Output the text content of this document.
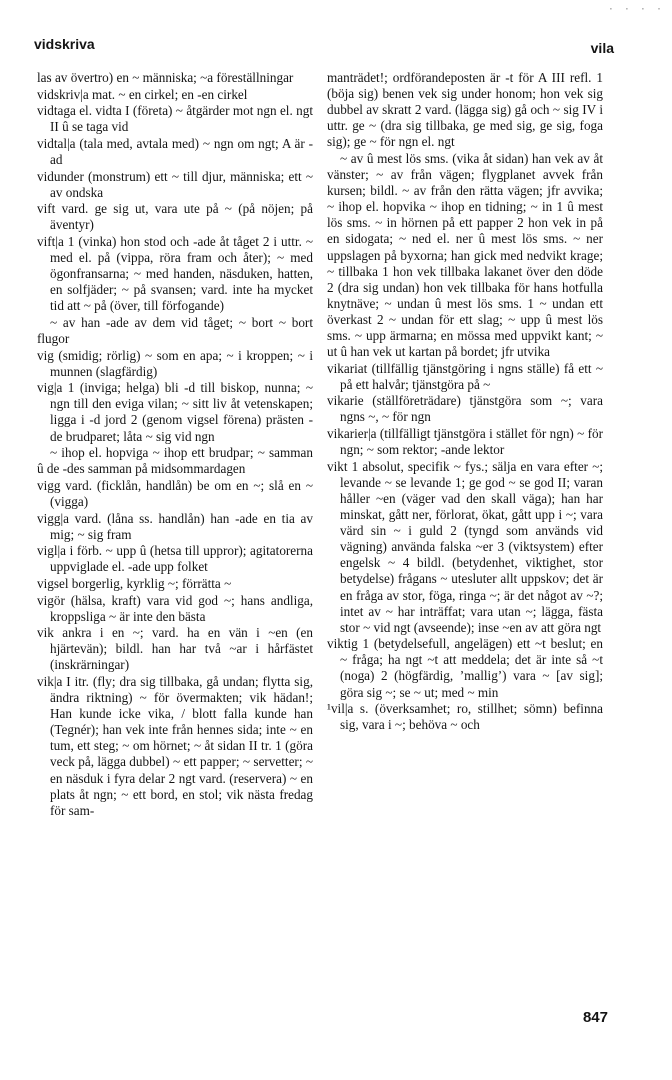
· · · ·
vidskriva	vila

las av övertro) en ~ människa; ~a föreställningar

vidskriv|a mat. ~ en cirkel; en -en cirkel

vidtaga el. vidta I (företa) ~ åtgärder mot ngn el. ngt II û se taga vid

vidtal|a (tala med, avtala med) ~ ngn om ngt; A är -ad

vidunder (monstrum) ett ~ till djur, människa; ett ~ av ondska

vift vard. ge sig ut, vara ute på ~ (på nöjen; på äventyr)

vift|a 1 (vinka) hon stod och -ade åt tåget 2 i uttr. ~ med el. på (vippa, röra fram och åter); ~ med ögonfransarna; ~ med handen, näsduken, hatten, en solfjäder; ~ på svansen; vard. inte ha mycket tid att ~ på (över, till förfogande)

~ av han -ade av dem vid tåget; ~ bort ~ bort flugor

vig (smidig; rörlig) ~ som en apa; ~ i kroppen; ~ i munnen (slagfärdig)

vig|a 1 (inviga; helga) bli -d till biskop, nunna; ~ ngn till den eviga vilan; ~ sitt liv åt vetenskapen; ligga i -d jord 2 (genom vigsel förena) prästen -de brudparet; låta ~ sig vid ngn

~ ihop el. hopviga ~ ihop ett brudpar; ~ samman û de -des samman på midsommardagen

vigg vard. (ficklån, handlån) be om en ~; slå en ~ (vigga)

vigg|a vard. (låna ss. handlån) han -ade en tia av mig; ~ sig fram

vigl|a i förb. ~ upp û (hetsa till uppror); agitatorerna uppviglade el. -ade upp folket

vigsel borgerlig, kyrklig ~; förrätta ~

vigör (hälsa, kraft) vara vid god ~; hans andliga, kroppsliga ~ är inte den bästa

vik ankra i en ~; vard. ha en vän i ~en (en hjärtevän); bildl. han har två ~ar i hårfästet (inskrärningar)

vik|a I itr. (fly; dra sig tillbaka, gå undan; flytta sig, ändra riktning) ~ för övermakten; vik hädan!; Han kunde icke vika, / blott falla kunde han (Tegnér); han vek inte från hennes sida; inte ~ en tum, ett steg; ~ om hörnet; ~ åt sidan II tr. 1 (göra veck på, lägga dubbel) ~ ett papper; ~ servetter; ~ en näsduk i fyra delar 2 ngt vard. (reservera) ~ en plats åt ngn; ~ ett bord, en stol; vik nästa fredag för sam-

manträdet!; ordförandeposten är -t för A III refl. 1 (böja sig) benen vek sig under honom; hon vek sig dubbel av skratt 2 vard. (lägga sig) gå och ~ sig IV i uttr. ge ~ (dra sig tillbaka, ge med sig, ge sig, foga sig); ge ~ för ngn el. ngt

~ av û mest lös sms. (vika åt sidan) han vek av åt vänster; ~ av från vägen; flygplanet avvek från kursen; bildl. ~ av från den rätta vägen; jfr avvika; ~ ihop el. hopvika ~ ihop en tidning; ~ in 1 û mest lös sms. ~ in hörnen på ett papper 2 hon vek in på en sidogata; ~ ned el. ner û mest lös sms. ~ ner uppslagen på byxorna; han gick med nedvikt krage; ~ tillbaka 1 hon vek tillbaka lakanet över den döde 2 (dra sig undan) hon vek tillbaka för hans hotfulla knytnäve; ~ undan û mest lös sms. 1 ~ undan ett överkast 2 ~ undan för ett slag; ~ upp û mest lös sms. ~ upp ärmarna; en mössa med uppvikt kant; ~ ut û han vek ut kartan på bordet; jfr utvika

vikariat (tillfällig tjänstgöring i ngns ställe) få ett ~ på ett halvår; tjänstgöra på ~

vikarie (ställföreträdare) tjänstgöra som ~; vara ngns ~, ~ för ngn

vikarier|a (tillfälligt tjänstgöra i stället för ngn) ~ för ngn; ~ som rektor; -ande lektor

vikt 1 absolut, specifik ~ fys.; sälja en vara efter ~; levande ~ se levande 1; ge god ~ se god II; varan håller ~en (väger vad den skall väga); han har minskat, gått ner, förlorat, ökat, gått upp i ~; vara värd sin ~ i guld 2 (tyngd som används vid vägning) använda falska ~er 3 (viktsystem) efter engelsk ~ 4 bildl. (betydenhet, viktighet, stor betydelse) frågans ~ utesluter allt uppskov; det är en fråga av stor, föga, ringa ~; är det något av ~?; intet av ~ har inträffat; vara utan ~; lägga, fästa stor ~ vid ngt (avseende); inse ~en av att göra ngt

viktig 1 (betydelsefull, angelägen) ett ~t beslut; en ~ fråga; ha ngt ~t att meddela; det är inte så ~t (noga) 2 (högfärdig, ’mallig’) vara ~ [av sig]; göra sig ~; se ~ ut; med ~ min

¹vil|a s. (överksamhet; ro, stillhet; sömn) befinna sig, vara i ~; behöva ~ och

847
